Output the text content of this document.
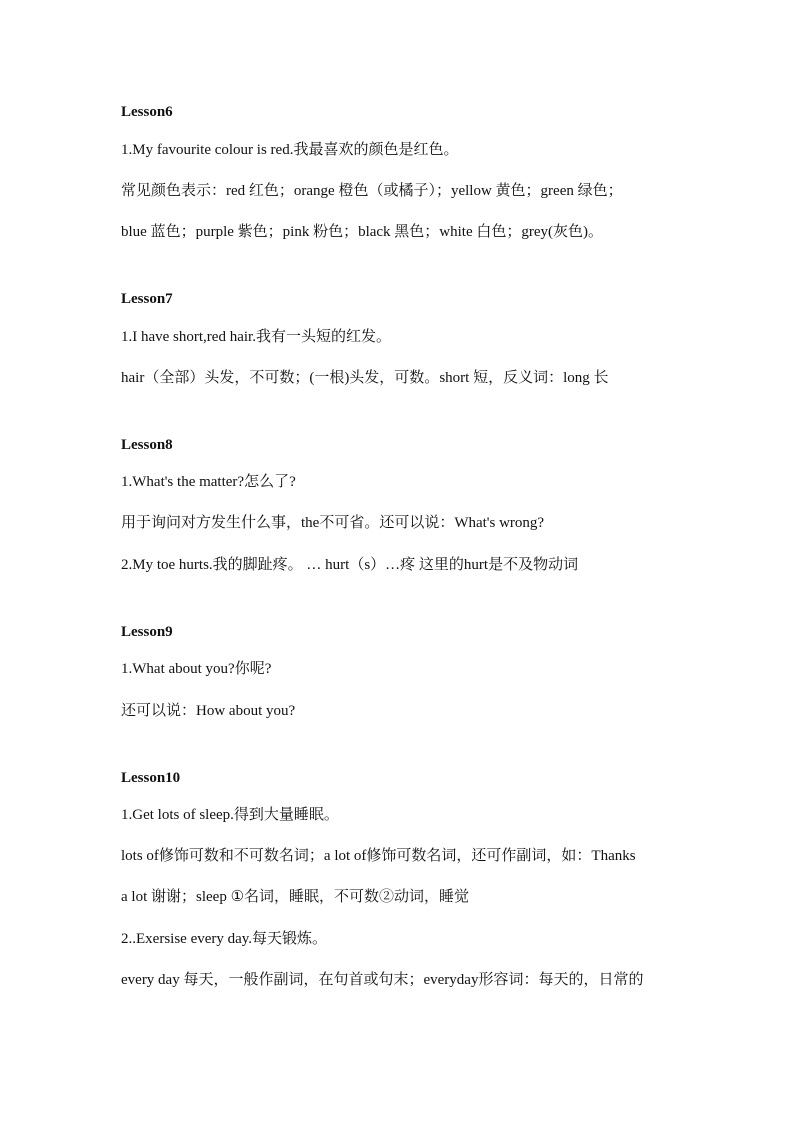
Lesson6
1.My favourite colour is red.我最喜欢的颜色是红色。
常见颜色表示：red 红色；orange 橙色（或橘子）；yellow 黄色；green 绿色；
blue 蓝色；purple 紫色；pink 粉色；black 黑色；white 白色；grey(灰色)。
Lesson7
1.I have short,red hair.我有一头短的红发。
hair（全部）头发，不可数；(一根)头发，可数。short 短，反义词：long 长
Lesson8
1.What's the matter?怎么了?
用于询问对方发生什么事，the不可省。还可以说：What's wrong?
2.My toe hurts.我的脚趾疼。 … hurt（s）…疼 这里的hurt是不及物动词
Lesson9
1.What about you?你呢?
还可以说：How about you?
Lesson10
1.Get lots of sleep.得到大量睡眠。
lots of修饰可数和不可数名词；a lot of修饰可数名词，还可作副词，如：Thanks
a lot 谢谢；sleep ①名词，睡眠，不可数②动词，睡觉
2..Exersise every day.每天锻炼。
every day 每天，一般作副词，在句首或句末；everyday形容词：每天的，日常的
